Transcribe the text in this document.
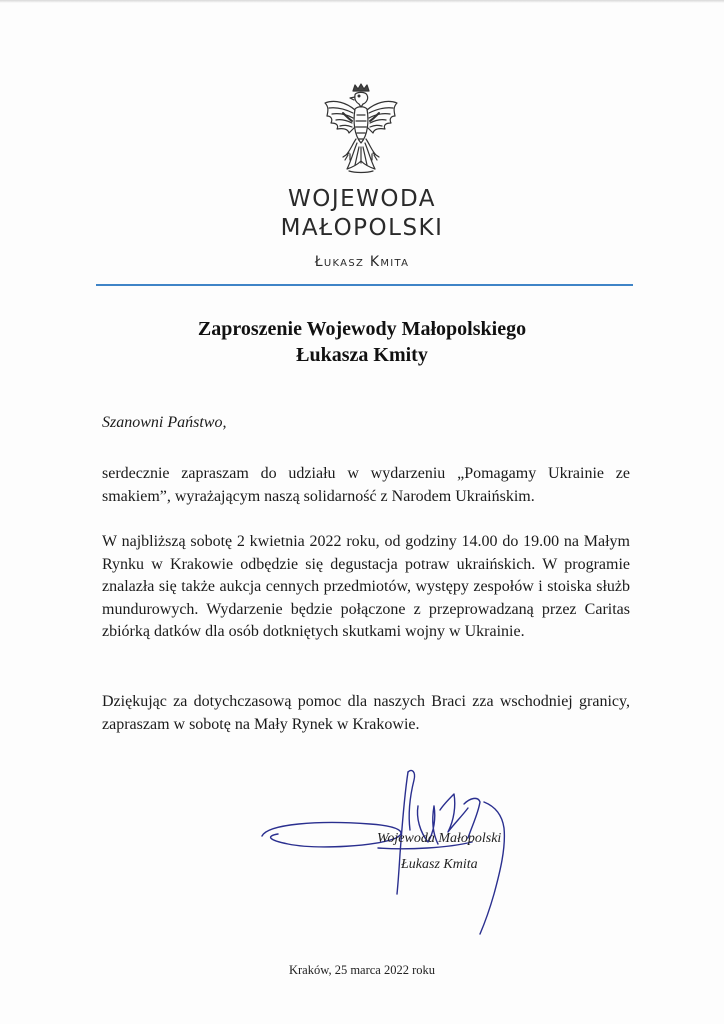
WOJEWODA
MAŁOPOLSKI
Łukasz Kmita
Zaproszenie Wojewody Małopolskiego
Łukasza Kmity
Szanowni Państwo,

serdecznie zapraszam do udziału w wydarzeniu „Pomagamy Ukrainie ze smakiem”, wyrażającym naszą solidarność z Narodem Ukraińskim.

W najbliższą sobotę 2 kwietnia 2022 roku, od godziny 14.00 do 19.00 na Małym Rynku w Krakowie odbędzie się degustacja potraw ukraińskich. W programie znalazła się także aukcja cennych przedmiotów, występy zespołów i stoiska służb mundurowych. Wydarzenie będzie połączone z przeprowadzaną przez Caritas zbiórką datków dla osób dotkniętych skutkami wojny w Ukrainie.

Dziękując za dotychczasową pomoc dla naszych Braci zza wschodniej granicy, zapraszam w sobotę na Mały Rynek w Krakowie.

Wojewoda Małopolski
Łukasz Kmita
Kraków, 25 marca 2022 roku
